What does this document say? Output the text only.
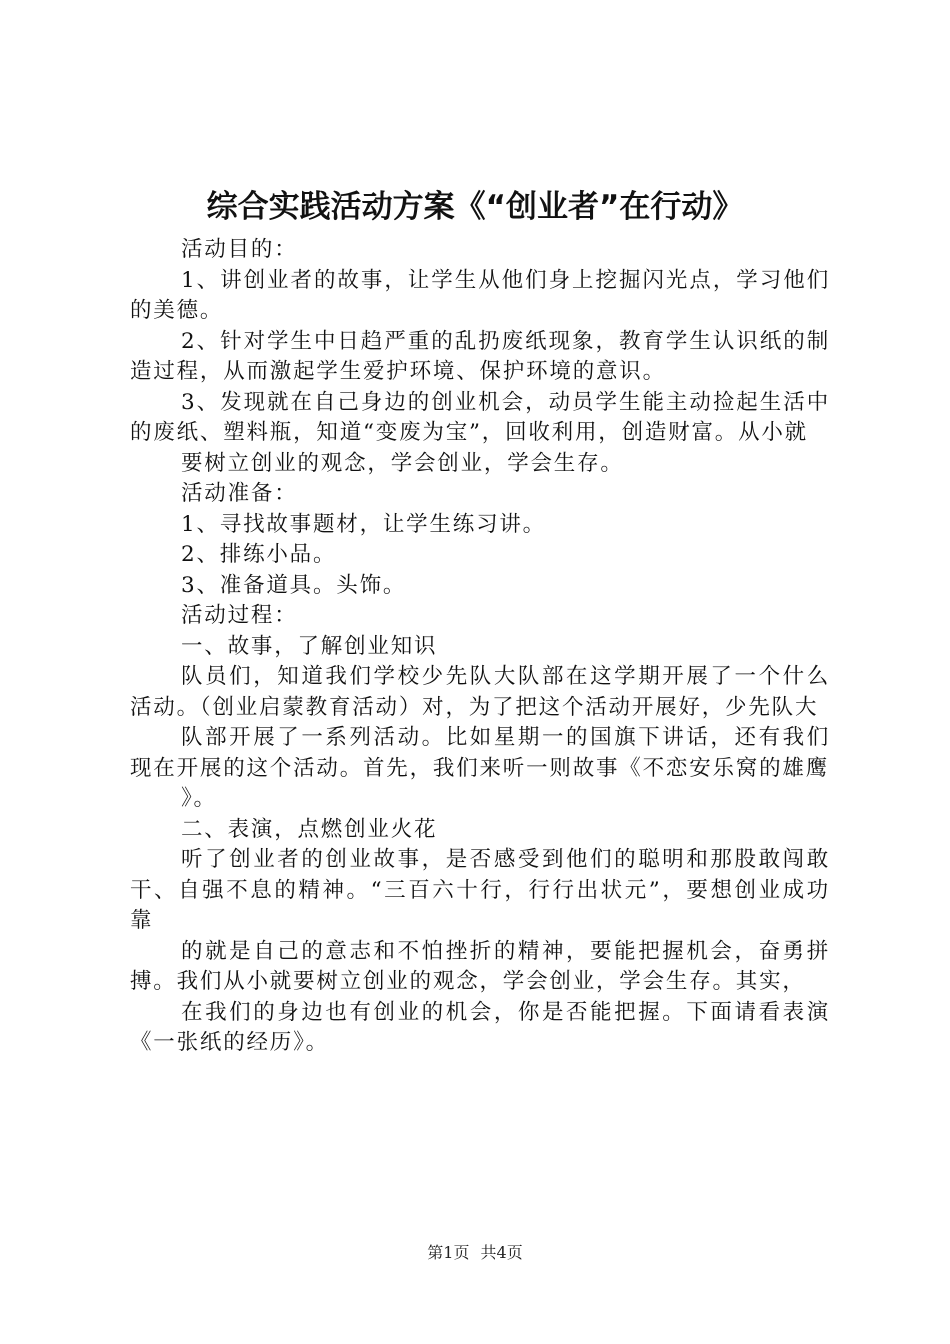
综合实践活动方案《“创业者”在行动》

活动目的：

1、讲创业者的故事，让学生从他们身上挖掘闪光点，学习他们的美德。

2、针对学生中日趋严重的乱扔废纸现象，教育学生认识纸的制造过程，从而激起学生爱护环境、保护环境的意识。

3、发现就在自己身边的创业机会，动员学生能主动捡起生活中的废纸、塑料瓶，知道“变废为宝”，回收利用，创造财富。从小就

要树立创业的观念，学会创业，学会生存。

活动准备：

1、寻找故事题材，让学生练习讲。

2、排练小品。

3、准备道具。头饰。

活动过程：

一、故事，了解创业知识

队员们，知道我们学校少先队大队部在这学期开展了一个什么活动。（创业启蒙教育活动）对，为了把这个活动开展好，少先队大

队部开展了一系列活动。比如星期一的国旗下讲话，还有我们现在开展的这个活动。首先，我们来听一则故事《不恋安乐窝的雄鹰

》。

二、表演，点燃创业火花

听了创业者的创业故事，是否感受到他们的聪明和那股敢闯敢干、自强不息的精神。“三百六十行，行行出状元”，要想创业成功靠

的就是自己的意志和不怕挫折的精神，要能把握机会，奋勇拼搏。我们从小就要树立创业的观念，学会创业，学会生存。其实，

在我们的身边也有创业的机会，你是否能把握。下面请看表演《一张纸的经历》。

第1页 共4页
